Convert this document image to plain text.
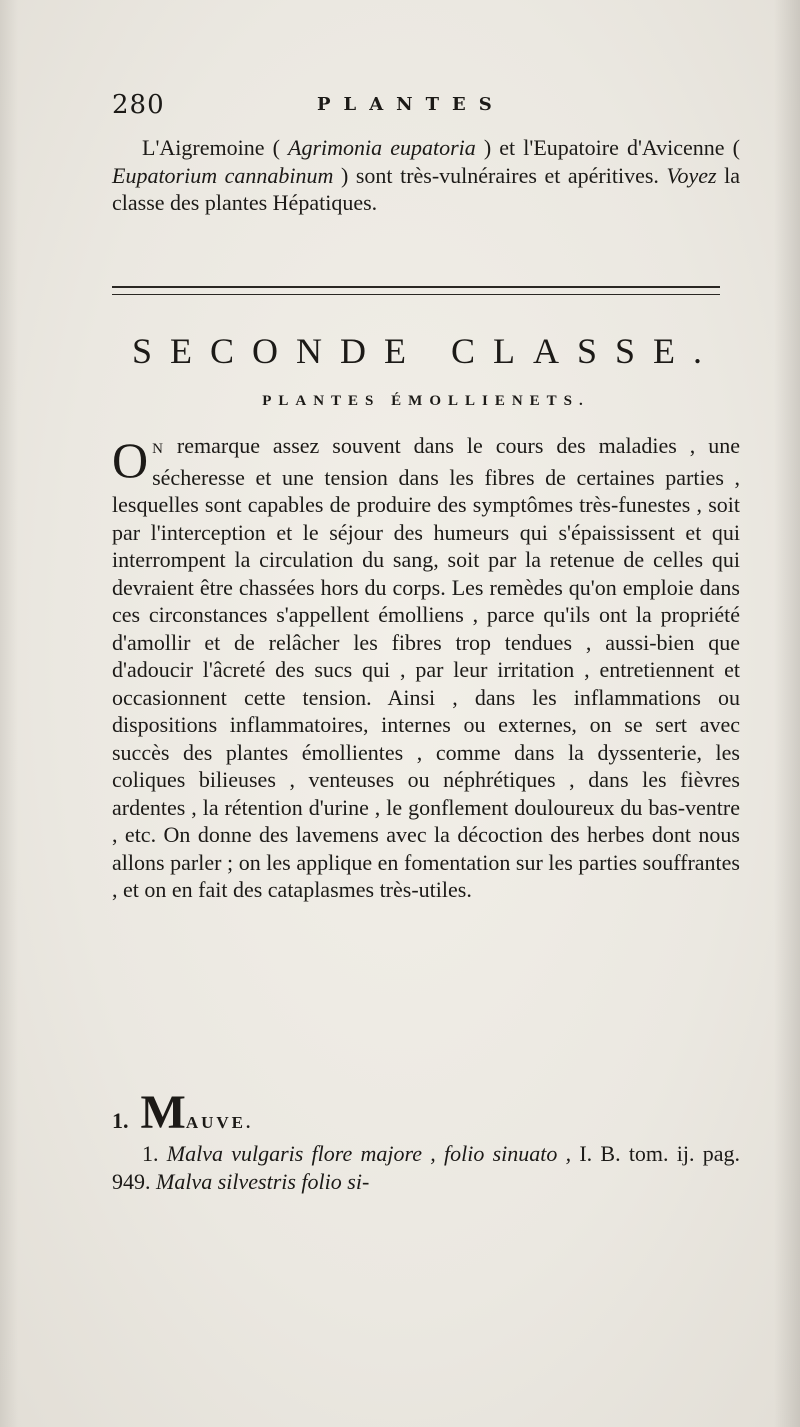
280	PLANTES
L'Aigremoine ( Agrimonia eupatoria ) et l'Eupatoire d'Avicenne ( Eupatorium cannabinum ) sont très-vulnéraires et apéritives. Voyez la classe des plantes Hépatiques.
SECONDE CLASSE.
PLANTES ÉMOLLIENETS.
O N remarque assez souvent dans le cours des maladies , une sécheresse et une tension dans les fibres de certaines parties , lesquelles sont capables de produire des symptômes très-funestes , soit par l'interception et le séjour des humeurs qui s'épaississent et qui interrompent la circulation du sang, soit par la retenue de celles qui devraient être chassées hors du corps. Les remèdes qu'on emploie dans ces circonstances s'appellent émolliens , parce qu'ils ont la propriété d'amollir et de relâcher les fibres trop tendues , aussi-bien que d'adoucir l'âcreté des sucs qui , par leur irritation , entretiennent et occasionnent cette tension. Ainsi , dans les inflammations ou dispositions inflammatoires, internes ou externes, on se sert avec succès des plantes émollientes , comme dans la dyssenterie, les coliques bilieuses , venteuses ou néphrétiques , dans les fièvres ardentes , la rétention d'urine , le gonflement douloureux du bas-ventre , etc. On donne des lavemens avec la décoction des herbes dont nous allons parler ; on les applique en fomentation sur les parties souffrantes , et on en fait des cataplasmes très-utiles.
1. MAUVE.
1. Malva vulgaris flore majore , folio sinuato , I. B. tom. ij. pag. 949. Malva silvestris folio si-
